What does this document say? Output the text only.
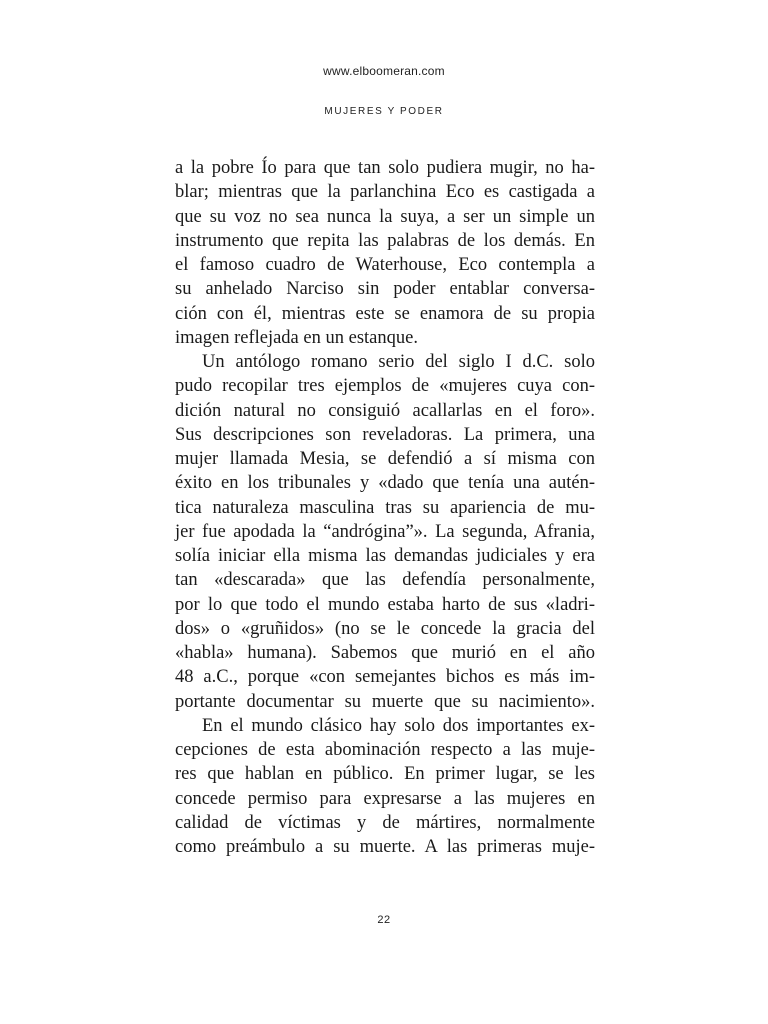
www.elboomeran.com
MUJERES Y PODER
a la pobre Ío para que tan solo pudiera mugir, no ha-
blar; mientras que la parlanchina Eco es castigada a
que su voz no sea nunca la suya, a ser un simple un
instrumento que repita las palabras de los demás. En
el famoso cuadro de Waterhouse, Eco contempla a
su anhelado Narciso sin poder entablar conversa-
ción con él, mientras este se enamora de su propia
imagen reflejada en un estanque.
Un antólogo romano serio del siglo I d.C. solo
pudo recopilar tres ejemplos de «mujeres cuya con-
dición natural no consiguió acallarlas en el foro».
Sus descripciones son reveladoras. La primera, una
mujer llamada Mesia, se defendió a sí misma con
éxito en los tribunales y «dado que tenía una autén-
tica naturaleza masculina tras su apariencia de mu-
jer fue apodada la “andrógina”». La segunda, Afrania,
solía iniciar ella misma las demandas judiciales y era
tan «descarada» que las defendía personalmente,
por lo que todo el mundo estaba harto de sus «ladri-
dos» o «gruñidos» (no se le concede la gracia del
«habla» humana). Sabemos que murió en el año
48 a.C., porque «con semejantes bichos es más im-
portante documentar su muerte que su nacimiento».
En el mundo clásico hay solo dos importantes ex-
cepciones de esta abominación respecto a las muje-
res que hablan en público. En primer lugar, se les
concede permiso para expresarse a las mujeres en
calidad de víctimas y de mártires, normalmente
como preámbulo a su muerte. A las primeras muje-
22
